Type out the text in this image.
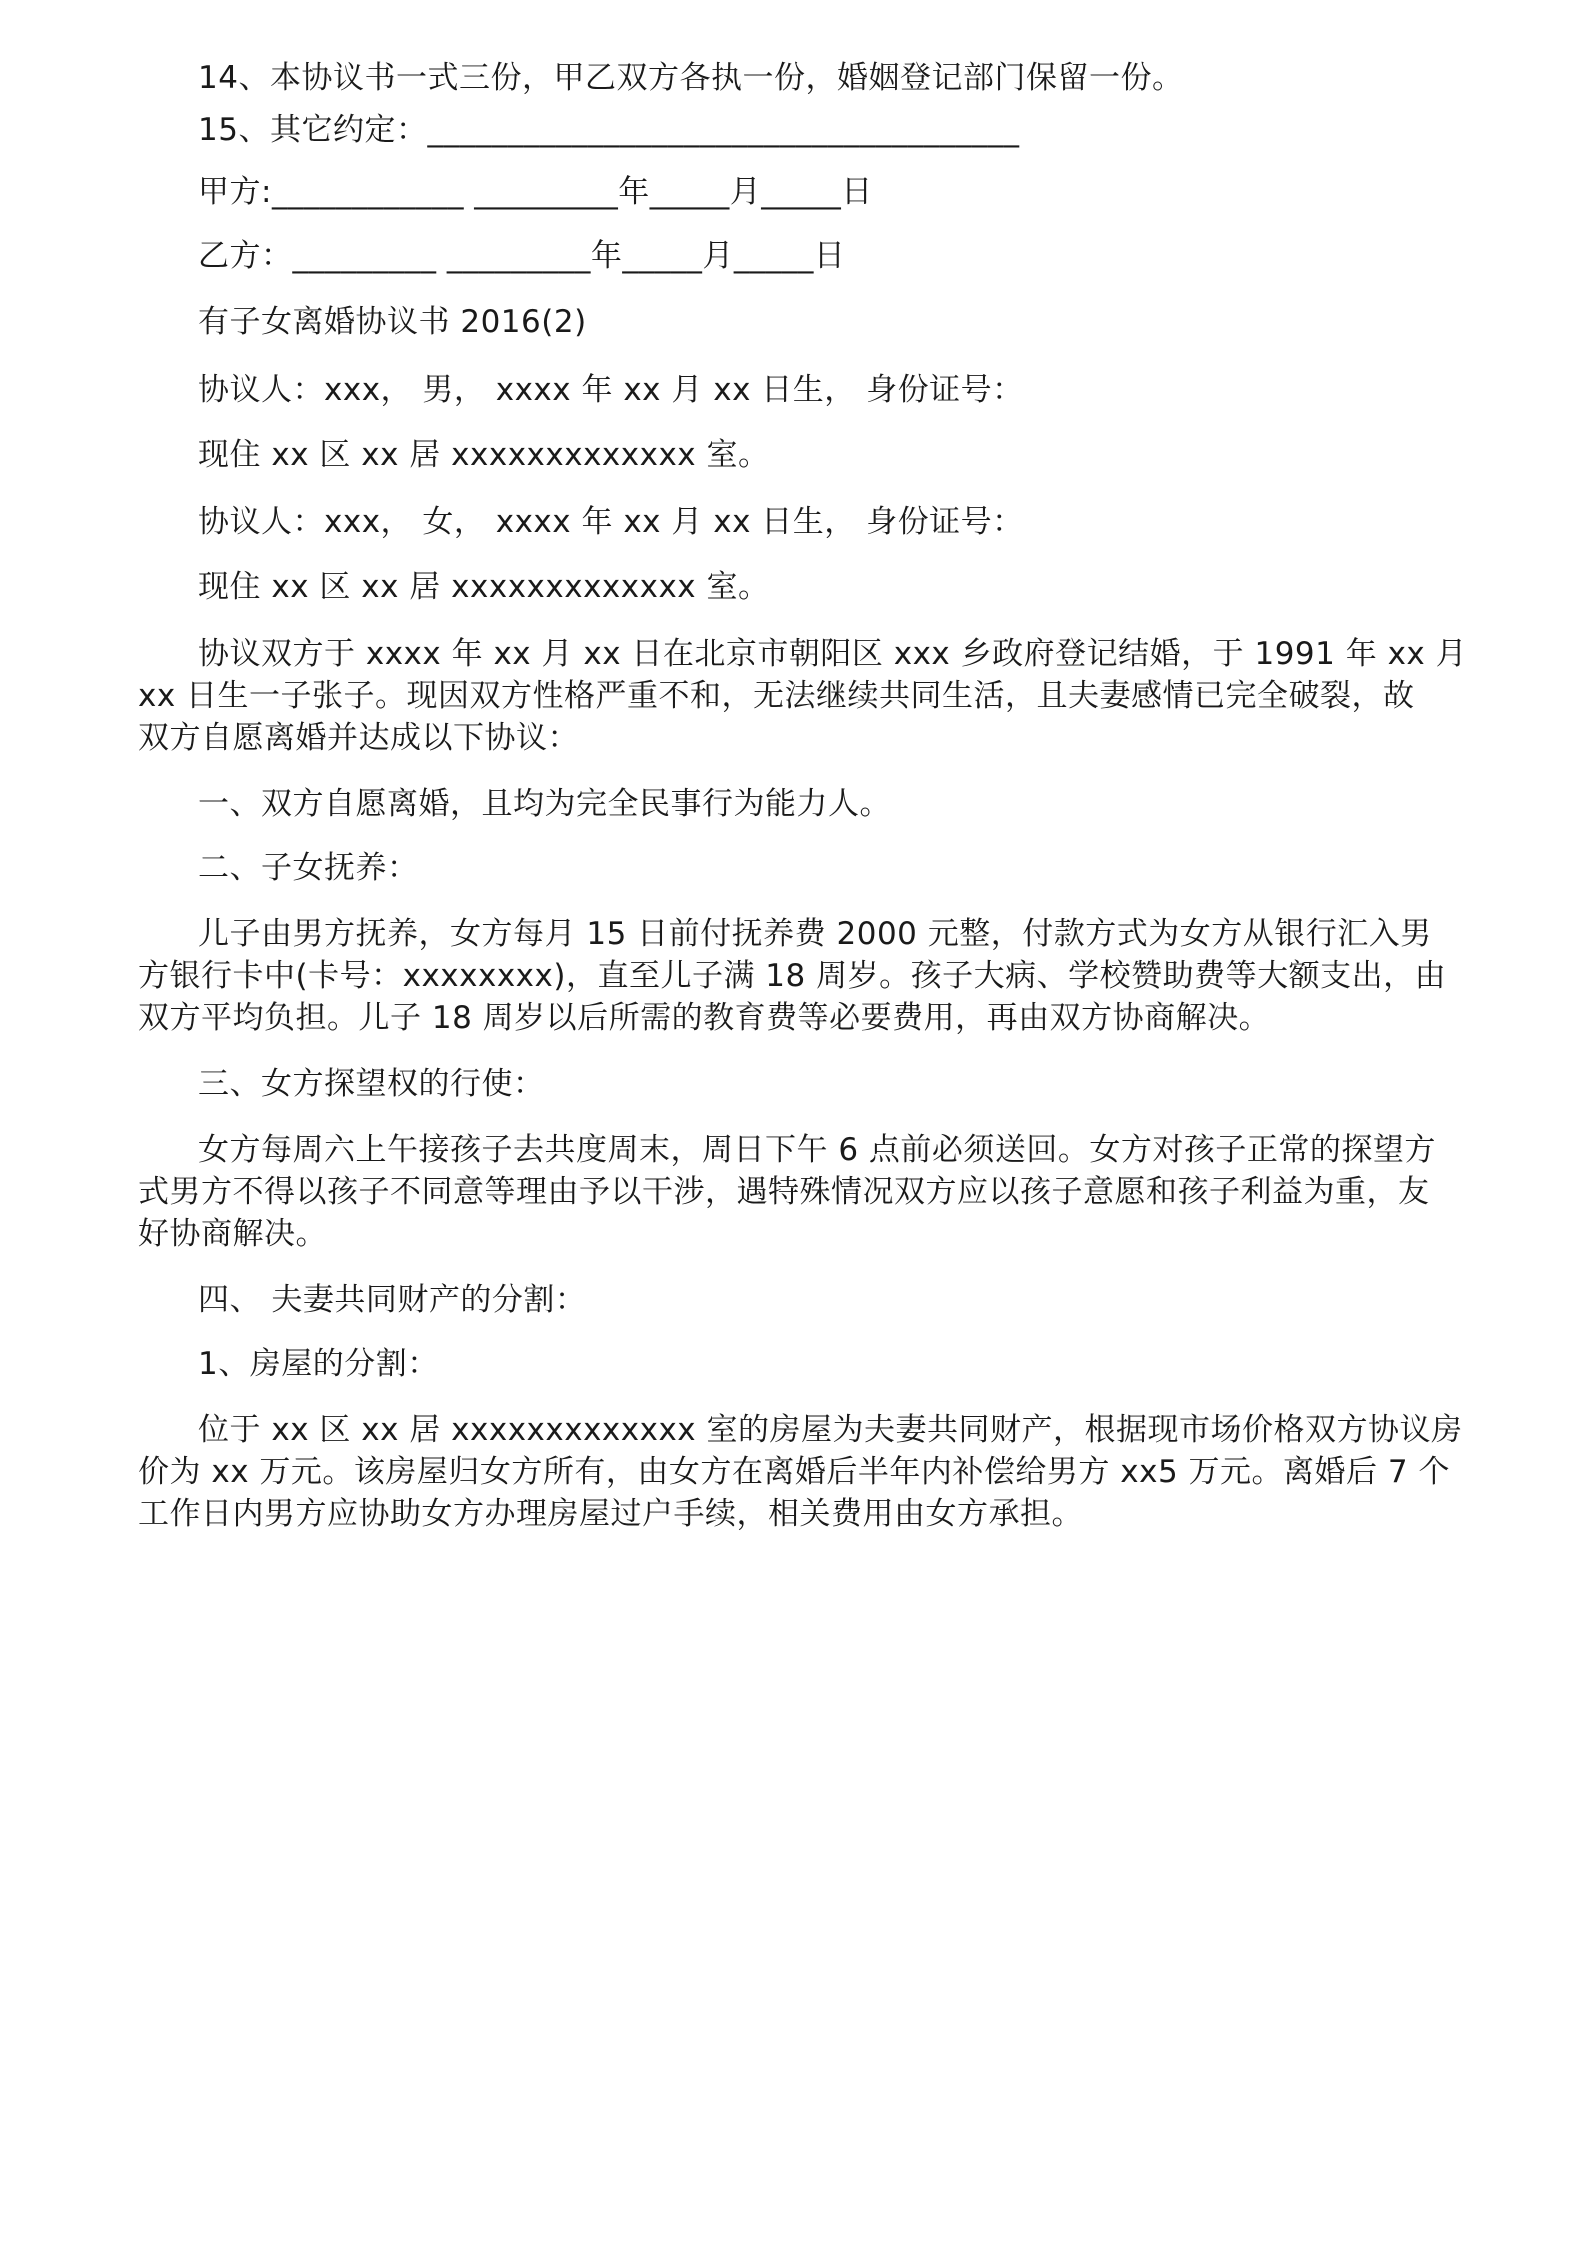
14、本协议书一式三份，甲乙双方各执一份，婚姻登记部门保留一份。
15、其它约定：_____________________________________
甲方:____________ _________年_____月_____日
乙方：_________ _________年_____月_____日
有子女离婚协议书 2016(2)
协议人：xxx， 男， xxxx 年 xx 月 xx 日生， 身份证号：
现住 xx 区 xx 居 xxxxxxxxxxxxx 室。
协议人：xxx， 女， xxxx 年 xx 月 xx 日生， 身份证号：
现住 xx 区 xx 居 xxxxxxxxxxxxx 室。
协议双方于 xxxx 年 xx 月 xx 日在北京市朝阳区 xxx 乡政府登记结婚，于 1991 年 xx 月
xx 日生一子张子。现因双方性格严重不和，无法继续共同生活，且夫妻感情已完全破裂，故
双方自愿离婚并达成以下协议：
一、双方自愿离婚，且均为完全民事行为能力人。
二、子女抚养：
儿子由男方抚养，女方每月 15 日前付抚养费 2000 元整，付款方式为女方从银行汇入男
方银行卡中(卡号：xxxxxxxx)，直至儿子满 18 周岁。孩子大病、学校赞助费等大额支出，由
双方平均负担。儿子 18 周岁以后所需的教育费等必要费用，再由双方协商解决。
三、女方探望权的行使：
女方每周六上午接孩子去共度周末，周日下午 6 点前必须送回。女方对孩子正常的探望方
式男方不得以孩子不同意等理由予以干涉，遇特殊情况双方应以孩子意愿和孩子利益为重，友
好协商解决。
四、 夫妻共同财产的分割：
1、房屋的分割：
位于 xx 区 xx 居 xxxxxxxxxxxxx 室的房屋为夫妻共同财产，根据现市场价格双方协议房
价为 xx 万元。该房屋归女方所有，由女方在离婚后半年内补偿给男方 xx5 万元。离婚后 7 个
工作日内男方应协助女方办理房屋过户手续，相关费用由女方承担。
